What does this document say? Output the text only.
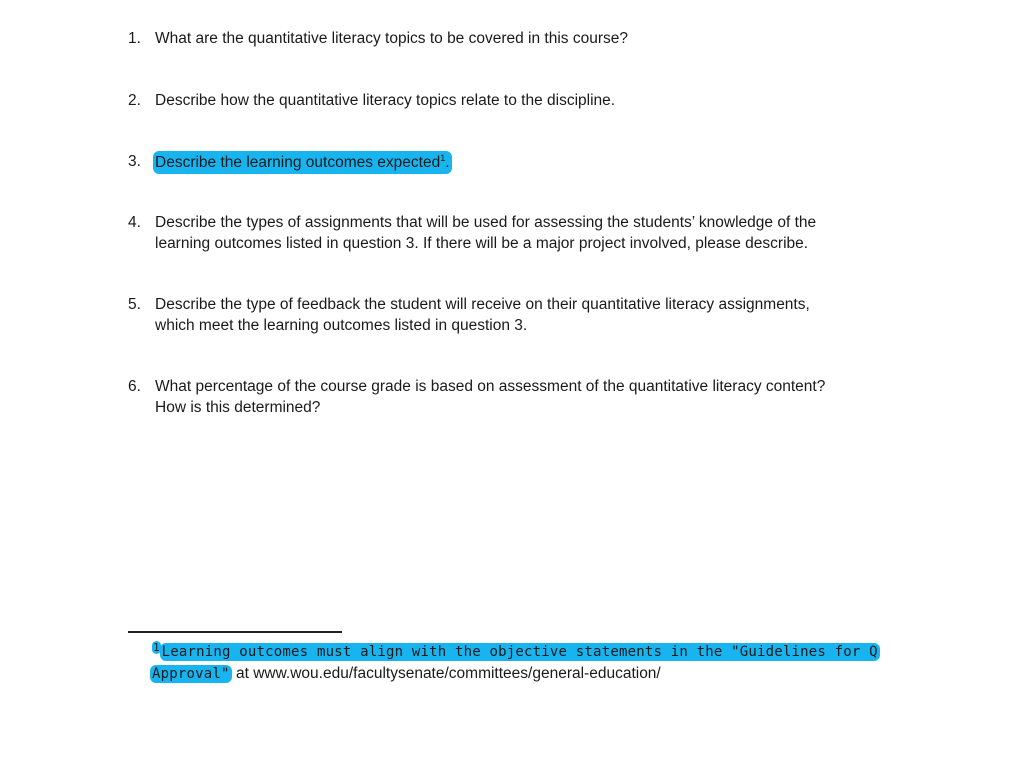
1. What are the quantitative literacy topics to be covered in this course?
2. Describe how the quantitative literacy topics relate to the discipline.
3. Describe the learning outcomes expected$^1$.
4. Describe the types of assignments that will be used for assessing the students’ knowledge of the
learning outcomes listed in question 3. If there will be a major project involved, please describe.
5. Describe the type of feedback the student will receive on their quantitative literacy assignments,
which meet the learning outcomes listed in question 3.
6. What percentage of the course grade is based on assessment of the quantitative literacy content?
How is this determined?
1 Learning outcomes must align with the objective statements in the "Guidelines for Q
Approval" at www.wou.edu/facultysenate/committees/general-education/
